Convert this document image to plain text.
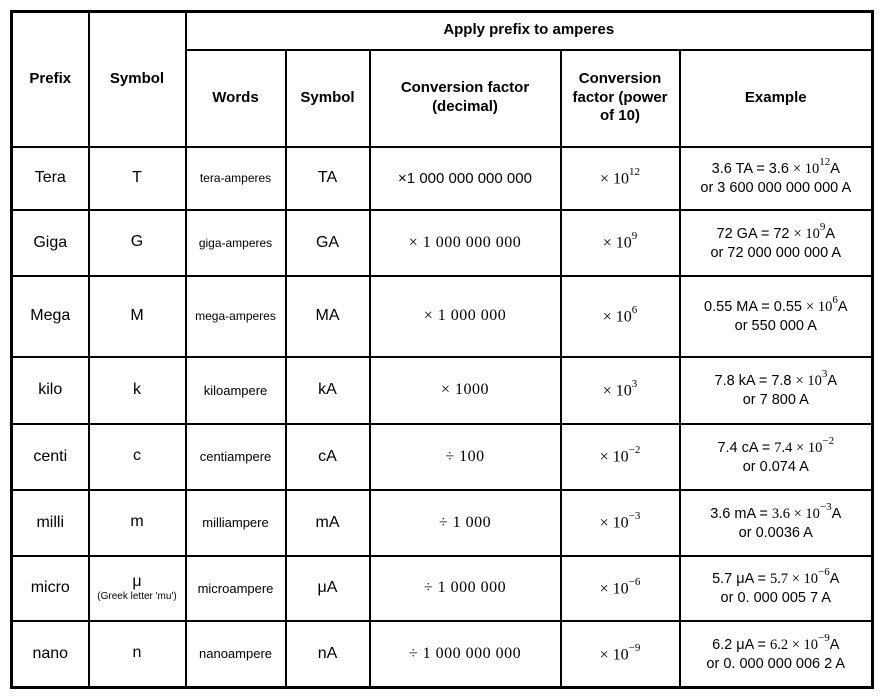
Prefix	Symbol	Apply prefix to amperes				
		Words	Symbol	Conversion factor (decimal)	Conversion factor (power of 10)	Example
Tera	T	tera-amperes	TA	×1 000 000 000 000	× $10^{12}$	3.6 TA = $3.6 \times 10^{12}A$
or 3 600 000 000 000 A

Giga	G	giga-amperes	GA	× 1 000 000 000	× $10^9$	72 GA = $72 \times 10^9A$
or 72 000 000 000 A

Mega	M	mega-amperes	MA	× 1 000 000	× $10^6$	0.55 MA = $0.55 \times 10^6A$
or 550 000 A

kilo	k	kiloampere	kA	× 1000	× $10^3$	7.8 kA = $7.8 \times 10^3A$
or 7 800 A

centi	c	centiampere	cA	÷ 100	× $10^{-2}$	7.4 cA = $7.4 \times 10^{-2}$
or 0.074 A

milli	m	milliampere	mA	÷ 1 000	× $10^{-3}$	3.6 mA = $3.6 \times 10^{-3}A$
or 0.0036 A

micro	μ
(Greek letter 'mu')
	microampere	μA	÷ 1 000 000	× $10^{-6}$	5.7 $\mu A = 5.7 \times 10^{-6}A$
or 0. 000 005 7 A

nano	n	nanoampere	nA	÷ 1 000 000 000	× $10^{-9}$	6.2 $\mu A = 6.2 \times 10^{-9}A$
or 0. 000 000 006 2 A
